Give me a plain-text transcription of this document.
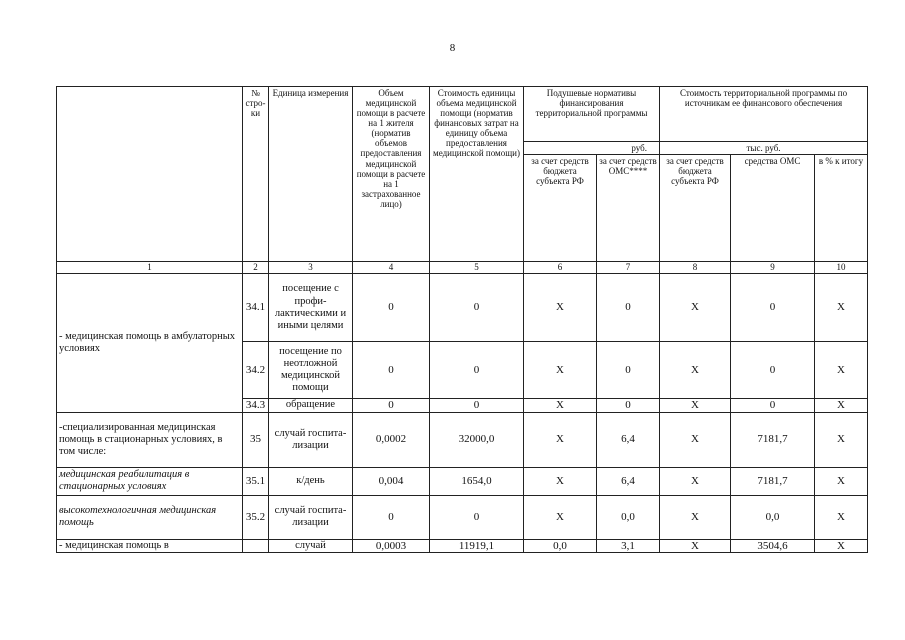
8
	№ стро-ки	Единица измерения	Объем медицинской помощи в расчете на 1 жителя (норматив объемов предоставления медицинской помощи в расчете на 1 застрахованное лицо)	Стоимость единицы объема медицинской помощи (норматив финансовых затрат на единицу объема предоставления медицинской помощи)	Подушевые нормативы финансирования территориальной программы		Стоимость территориальной программы по источникам ее финансового обеспечения		
					руб.		тыс. руб.		
					за счет средств бюджета субъекта РФ	за счет средств ОМС****	за счет средств бюджета субъекта РФ	средства ОМС	в % к итогу
1	2	3	4	5	6	7	8	9	10
- медицинская помощь в амбулаторных условиях	34.1	посещение с профи-лактическими и иными целями	0	0	X	0	X	0	X
	34.2	посещение по неотложной медицинской помощи	0	0	X	0	X	0	X
	34.3	обращение	0	0	X	0	X	0	X
-специализированная медицинская помощь в стационарных условиях, в том числе:	35	случай госпита-лизации	0,0002	32000,0	X	6,4	X	7181,7	X
медицинская реабилитация в стационарных условиях	35.1	к/день	0,004	1654,0	X	6,4	X	7181,7	X
высокотехнологичная медицинская помощь	35.2	случай госпита-лизации	0	0	X	0,0	X	0,0	X
- медицинская помощь в		случай	0,0003	11919,1	0,0	3,1	X	3504,6	X
